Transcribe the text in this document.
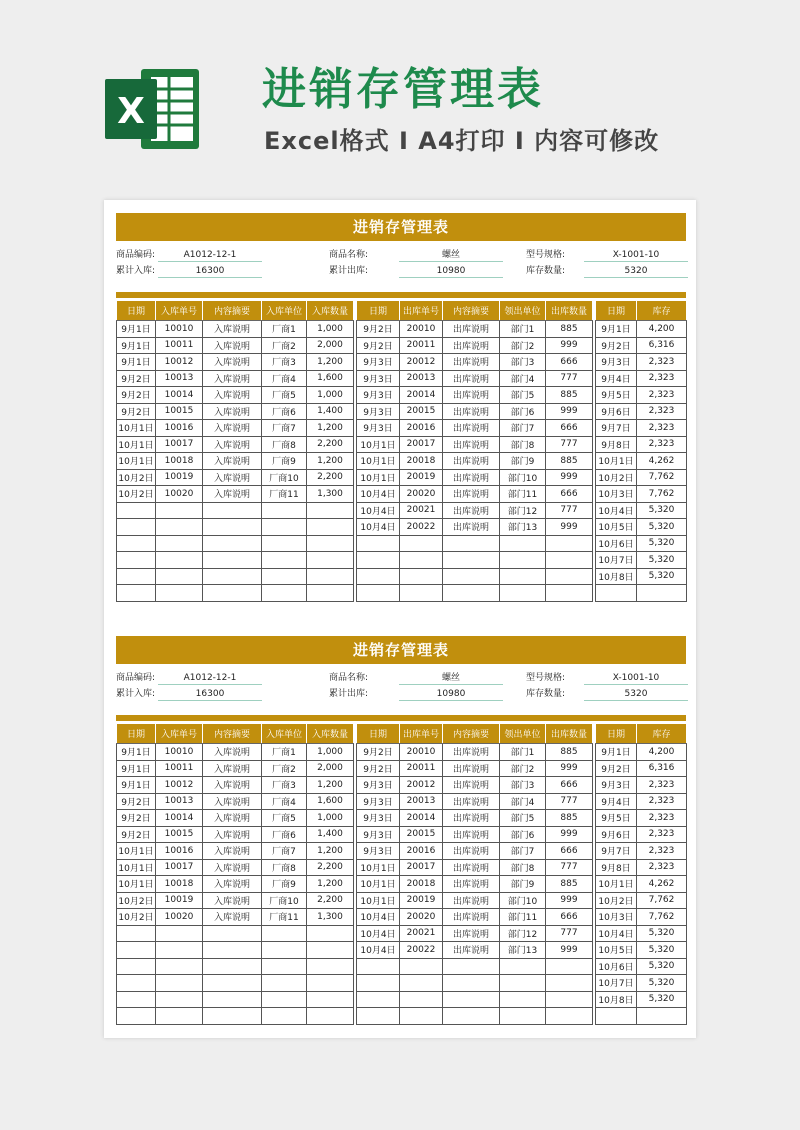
X	进销存管理表
Excel格式 I A4打印 I 内容可修改
进销存管理表
商品编码:	A1012-12-1	商品名称:	螺丝	型号规格:	X-1001-10
累计入库:	16300	累计出库:	10980	库存数量:	5320
日期	入库单号	内容摘要	入库单位	入库数量
9月1日	10010	入库说明	厂商1	1,000
9月1日	10011	入库说明	厂商2	2,000
9月1日	10012	入库说明	厂商3	1,200
9月2日	10013	入库说明	厂商4	1,600
9月2日	10014	入库说明	厂商5	1,000
9月2日	10015	入库说明	厂商6	1,400
10月1日	10016	入库说明	厂商7	1,200
10月1日	10017	入库说明	厂商8	2,200
10月1日	10018	入库说明	厂商9	1,200
10月2日	10019	入库说明	厂商10	2,200
10月2日	10020	入库说明	厂商11	1,300

日期	出库单号	内容摘要	领出单位	出库数量
9月2日	20010	出库说明	部门1	885
9月2日	20011	出库说明	部门2	999
9月3日	20012	出库说明	部门3	666
9月3日	20013	出库说明	部门4	777
9月3日	20014	出库说明	部门5	885
9月3日	20015	出库说明	部门6	999
9月3日	20016	出库说明	部门7	666
10月1日	20017	出库说明	部门8	777
10月1日	20018	出库说明	部门9	885
10月1日	20019	出库说明	部门10	999
10月4日	20020	出库说明	部门11	666
10月4日	20021	出库说明	部门12	777
10月4日	20022	出库说明	部门13	999

日期	库存
9月1日	4,200
9月2日	6,316
9月3日	2,323
9月4日	2,323
9月5日	2,323
9月6日	2,323
9月7日	2,323
9月8日	2,323
10月1日	4,262
10月2日	7,762
10月3日	7,762
10月4日	5,320
10月5日	5,320
10月6日	5,320
10月7日	5,320
10月8日	5,320

进销存管理表
商品编码:	A1012-12-1	商品名称:	螺丝	型号规格:	X-1001-10
累计入库:	16300	累计出库:	10980	库存数量:	5320
日期	入库单号	内容摘要	入库单位	入库数量
9月1日	10010	入库说明	厂商1	1,000
9月1日	10011	入库说明	厂商2	2,000
9月1日	10012	入库说明	厂商3	1,200
9月2日	10013	入库说明	厂商4	1,600
9月2日	10014	入库说明	厂商5	1,000
9月2日	10015	入库说明	厂商6	1,400
10月1日	10016	入库说明	厂商7	1,200
10月1日	10017	入库说明	厂商8	2,200
10月1日	10018	入库说明	厂商9	1,200
10月2日	10019	入库说明	厂商10	2,200
10月2日	10020	入库说明	厂商11	1,300

日期	出库单号	内容摘要	领出单位	出库数量
9月2日	20010	出库说明	部门1	885
9月2日	20011	出库说明	部门2	999
9月3日	20012	出库说明	部门3	666
9月3日	20013	出库说明	部门4	777
9月3日	20014	出库说明	部门5	885
9月3日	20015	出库说明	部门6	999
9月3日	20016	出库说明	部门7	666
10月1日	20017	出库说明	部门8	777
10月1日	20018	出库说明	部门9	885
10月1日	20019	出库说明	部门10	999
10月4日	20020	出库说明	部门11	666
10月4日	20021	出库说明	部门12	777
10月4日	20022	出库说明	部门13	999

日期	库存
9月1日	4,200
9月2日	6,316
9月3日	2,323
9月4日	2,323
9月5日	2,323
9月6日	2,323
9月7日	2,323
9月8日	2,323
10月1日	4,262
10月2日	7,762
10月3日	7,762
10月4日	5,320
10月5日	5,320
10月6日	5,320
10月7日	5,320
10月8日	5,320
